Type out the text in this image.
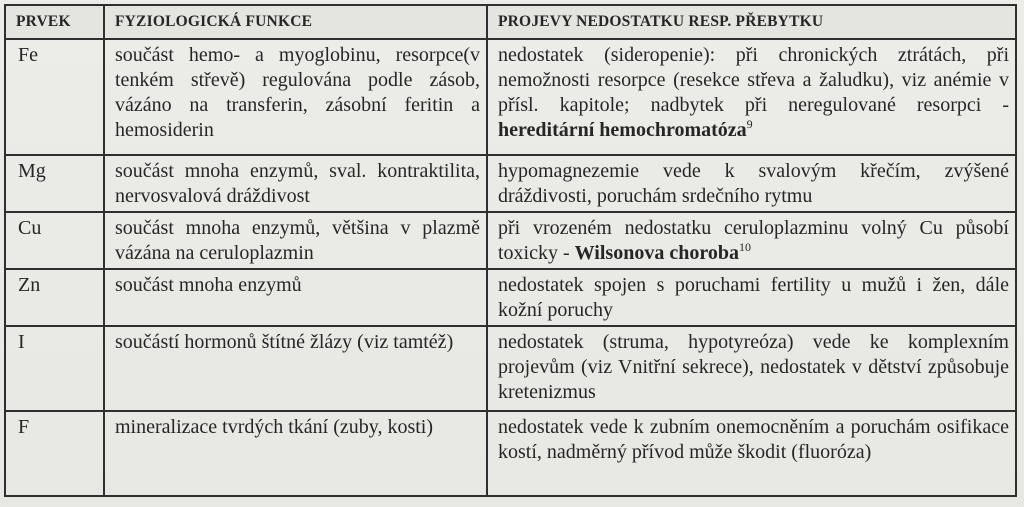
PRVEK	FYZIOLOGICKÁ FUNKCE	PROJEVY NEDOSTATKU RESP. PŘEBYTKU
Fe	součást hemo- a myoglobinu, resorpce(v tenkém střevě) regulována podle zásob, vázáno na transferin, zásobní feritin a hemosiderin	nedostatek (sideropenie): při chronických ztrátách, při nemožnosti resorpce (resekce střeva a žaludku), viz anémie v přísl. kapitole; nadbytek při neregulované resorpci - hereditární hemochromatóza$^9$
Mg	součást mnoha enzymů, sval. kontraktilita, nervosvalová dráždivost	hypomagnezemie vede k svalovým křečím, zvýšené dráždivosti, poruchám srdečního rytmu
Cu	součást mnoha enzymů, většina v plazmě vázána na ceruloplazmin	při vrozeném nedostatku ceruloplazminu volný Cu působí toxicky - Wilsonova choroba$^{10}$
Zn	součást mnoha enzymů	nedostatek spojen s poruchami fertility u mužů i žen, dále kožní poruchy
I	součástí hormonů štítné žlázy (viz tamtéž)	nedostatek (struma, hypotyreóza) vede ke komplexním projevům (viz Vnitřní sekrece), nedostatek v dětství způsobuje kretenizmus
F	mineralizace tvrdých tkání (zuby, kosti)	nedostatek vede k zubním onemocněním a poruchám osifikace kostí, nadměrný přívod může škodit (fluoróza)
